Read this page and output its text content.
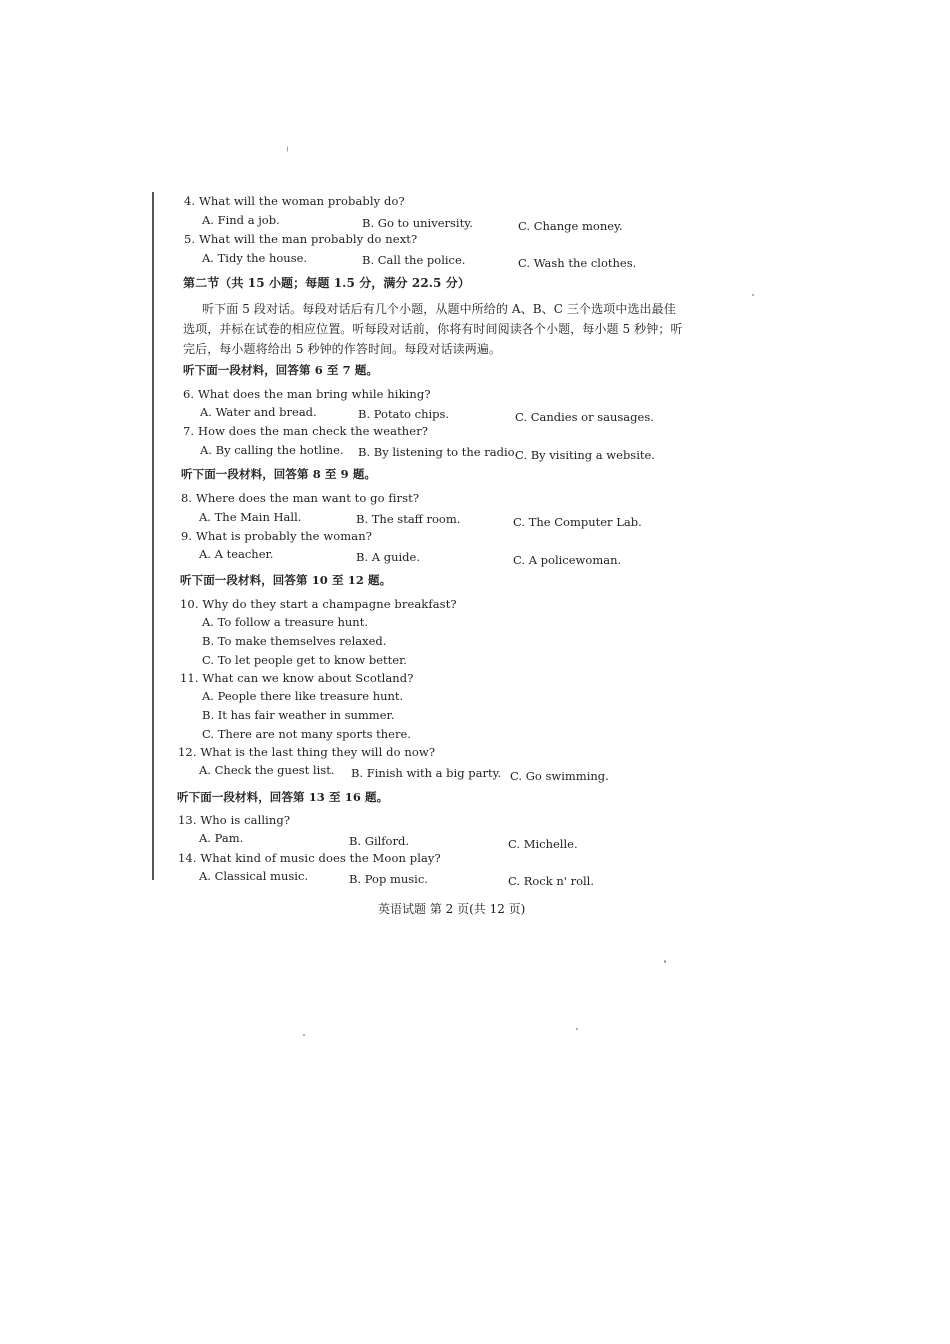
4. What will the woman probably do?
A. Find a job.	B. Go to university.	C. Change money.
5. What will the man probably do next?
A. Tidy the house.	B. Call the police.	C. Wash the clothes.
第二节（共 15 小题；每题 1.5 分，满分 22.5 分）
听下面 5 段对话。每段对话后有几个小题，从题中所给的 A、B、C 三个选项中选出最佳
选项，并标在试卷的相应位置。听每段对话前，你将有时间阅读各个小题，每小题 5 秒钟；听
完后，每小题将给出 5 秒钟的作答时间。每段对话读两遍。
听下面一段材料，回答第 6 至 7 题。
6. What does the man bring while hiking?
A. Water and bread.	B. Potato chips.	C. Candies or sausages.
7. How does the man check the weather?
A. By calling the hotline. B. By listening to the radio.
C. By visiting a website.
听下面一段材料，回答第 8 至 9 题。
8. Where does the man want to go first?
A. The Main Hall.	B. The staff room.	C. The Computer Lab.
9. What is probably the woman?
A. A teacher.	B. A guide.	C. A policewoman.
听下面一段材料，回答第 10 至 12 题。
10. Why do they start a champagne breakfast?
A. To follow a treasure hunt.
B. To make themselves relaxed.
C. To let people get to know better.
11. What can we know about Scotland?
A. People there like treasure hunt.
B. It has fair weather in summer.
C. There are not many sports there.
12. What is the last thing they will do now?
A. Check the guest list. B. Finish with a big party. C. Go swimming.
听下面一段材料，回答第 13 至 16 题。
13. Who is calling?
A. Pam.	B. Gilford.	C. Michelle.
14. What kind of music does the Moon play?
A. Classical music.	B. Pop music.	C. Rock n' roll.
英语试题 第 2 页(共 12 页)
